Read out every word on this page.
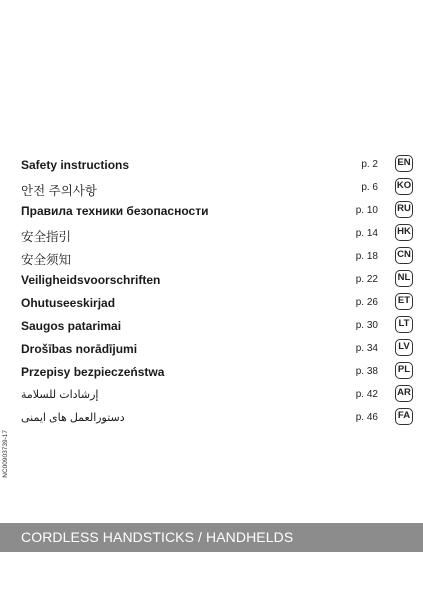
Safety instructions	p. 2 EN
안전 주의사항	p. 6 KO
Правила техники безопасности	p. 10 RU
安全指引	p. 14 HK
安全须知	p. 18 CN
Veiligheidsvoorschriften	p. 22 NL
Ohutuseeskirjad	p. 26	ET
Saugos patarimai	p. 30	LT
Drošības norādījumi	p. 34	LV
Przepisy bezpieczeństwa	p. 38	PL
إرشادات للسلامة	p. 42 AR
دستورالعمل های ایمنی	p. 46	FA
NC00903739-17
CORDLESS HANDSTICKS / HANDHELDS
